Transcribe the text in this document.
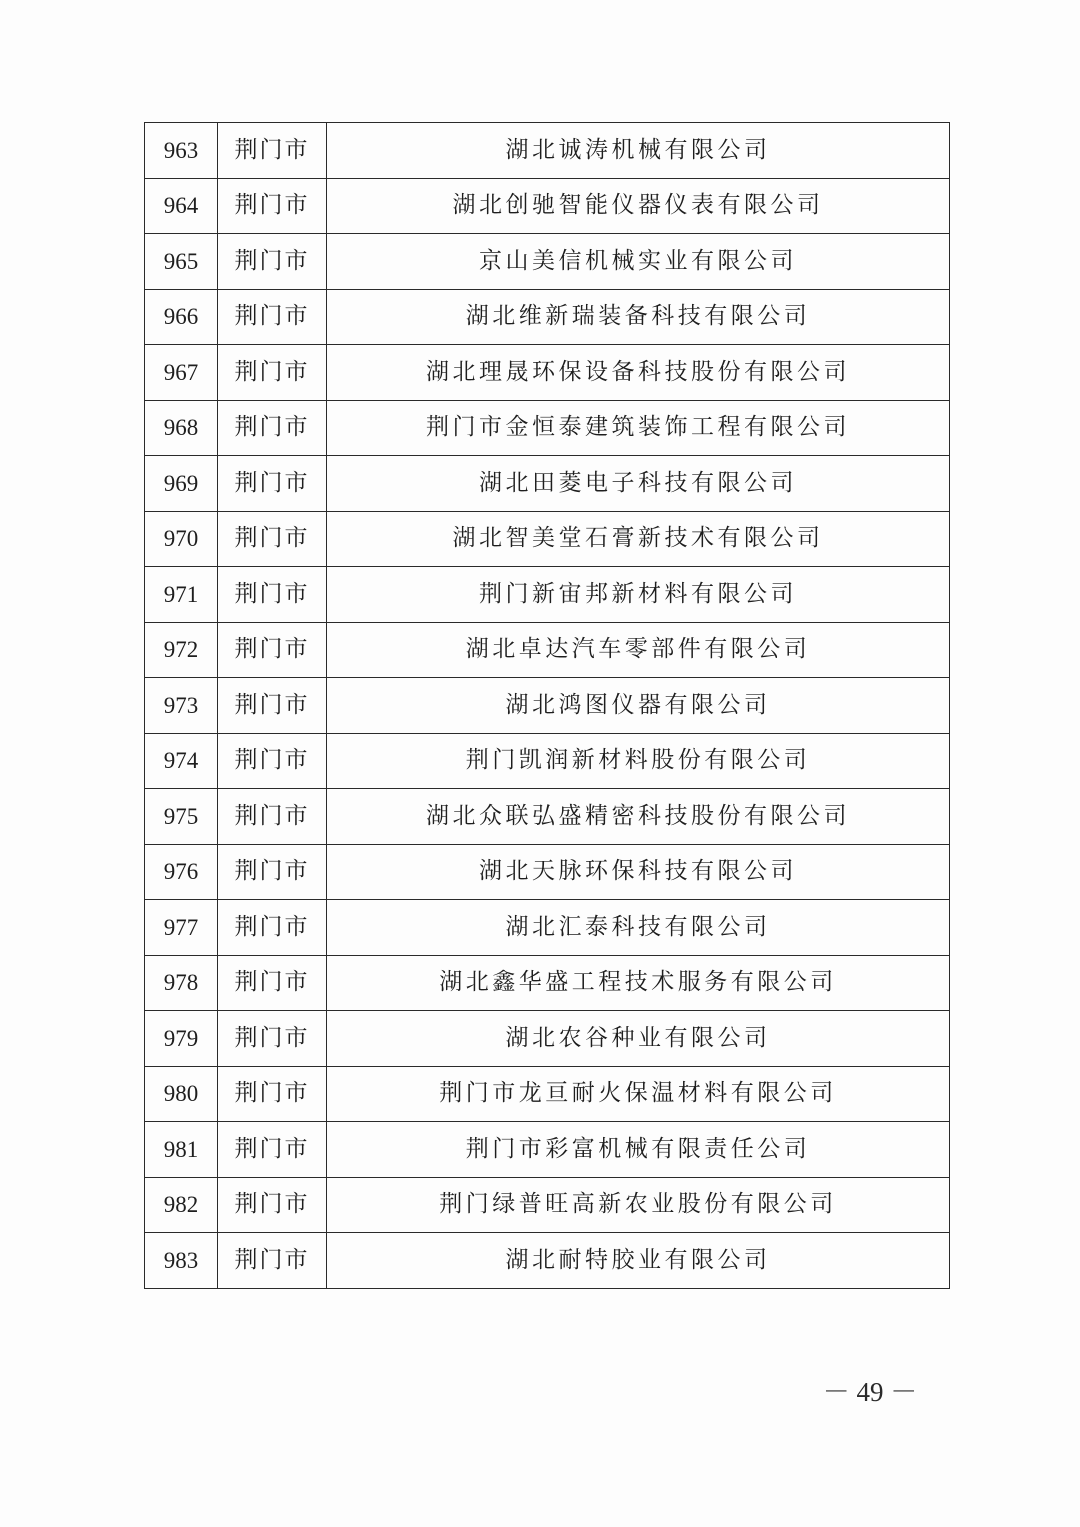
963	荆门市	湖北诚涛机械有限公司
964	荆门市	湖北创驰智能仪器仪表有限公司
965	荆门市	京山美信机械实业有限公司
966	荆门市	湖北维新瑞装备科技有限公司
967	荆门市	湖北理晟环保设备科技股份有限公司
968	荆门市	荆门市金恒泰建筑装饰工程有限公司
969	荆门市	湖北田菱电子科技有限公司
970	荆门市	湖北智美堂石膏新技术有限公司
971	荆门市	荆门新宙邦新材料有限公司
972	荆门市	湖北卓达汽车零部件有限公司
973	荆门市	湖北鸿图仪器有限公司
974	荆门市	荆门凯润新材料股份有限公司
975	荆门市	湖北众联弘盛精密科技股份有限公司
976	荆门市	湖北天脉环保科技有限公司
977	荆门市	湖北汇泰科技有限公司
978	荆门市	湖北鑫华盛工程技术服务有限公司
979	荆门市	湖北农谷种业有限公司
980	荆门市	荆门市龙亘耐火保温材料有限公司
981	荆门市	荆门市彩富机械有限责任公司
982	荆门市	荆门绿普旺高新农业股份有限公司
983	荆门市	湖北耐特胶业有限公司
－ 49 －
